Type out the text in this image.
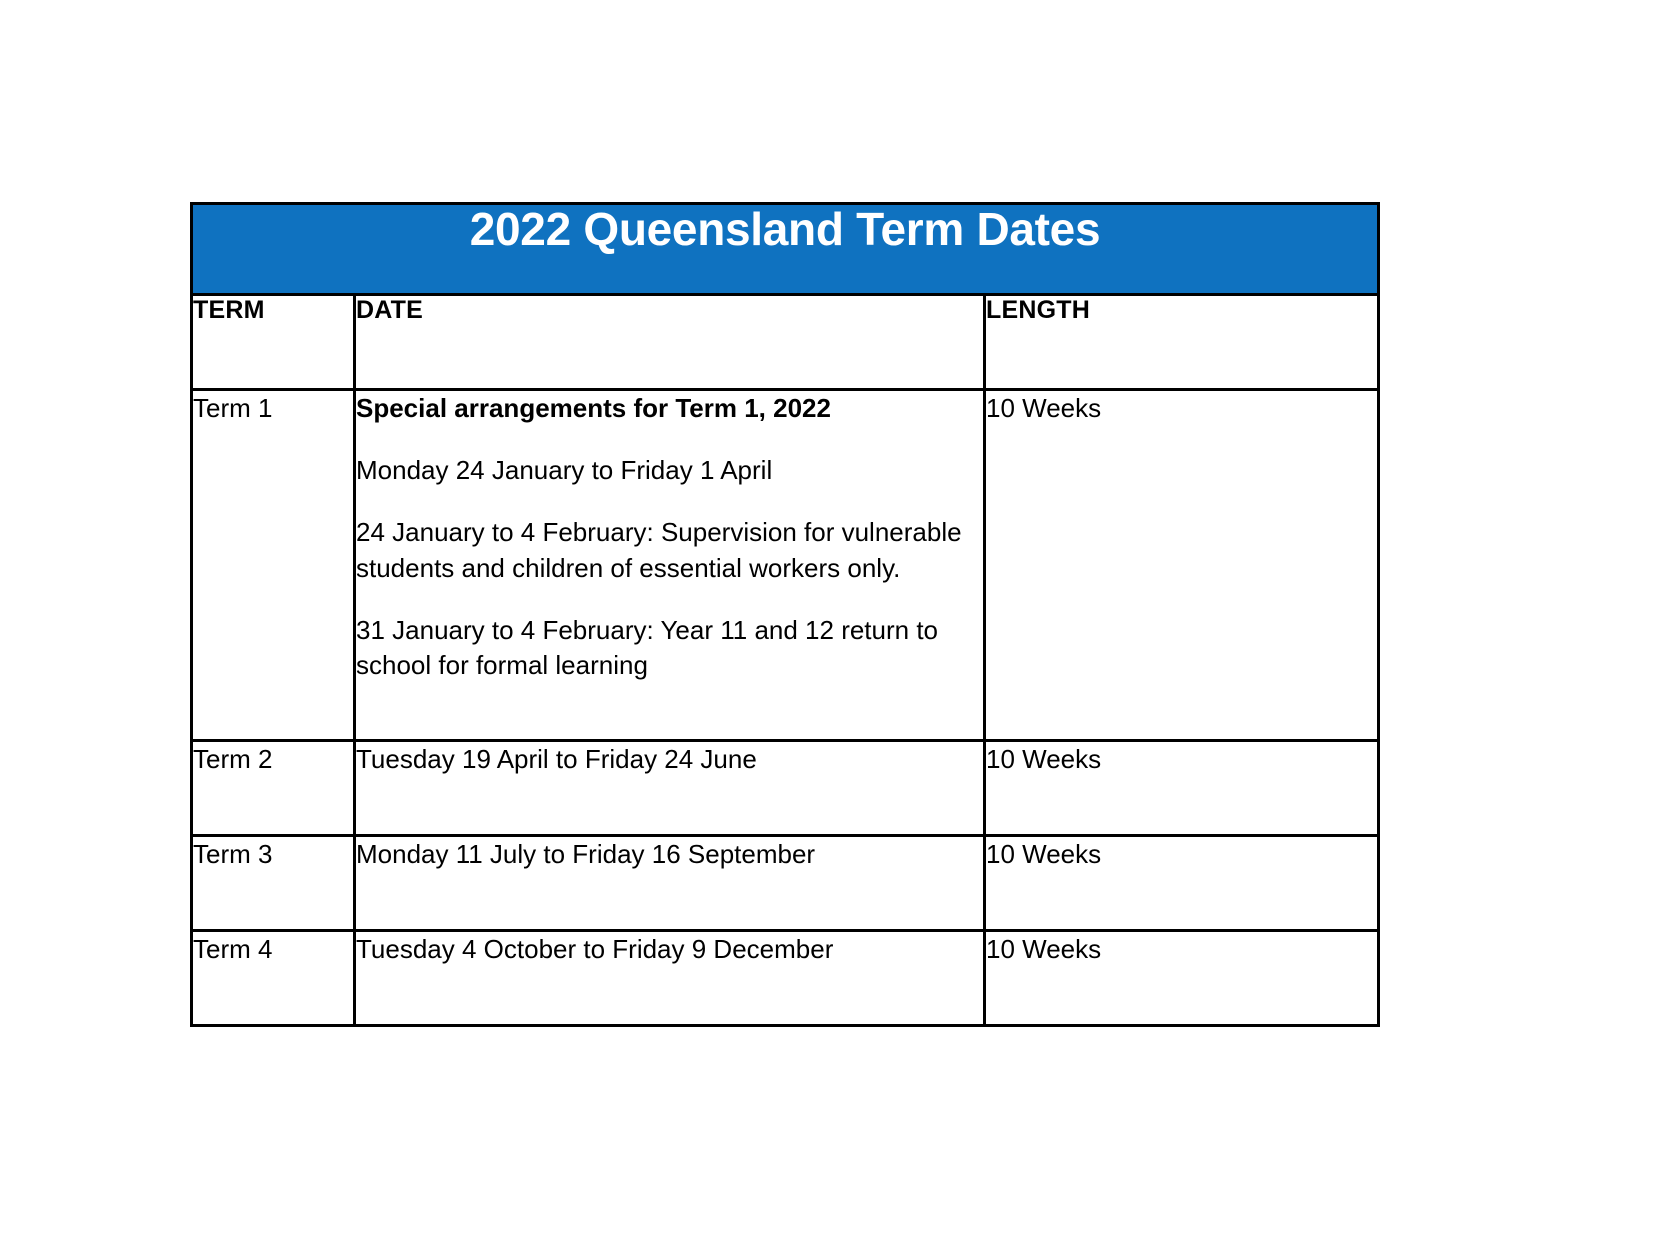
2022 Queensland Term Dates		

TERM	DATE	LENGTH

Term 1	Special arrangements for Term 1, 2022
Monday 24 January to Friday 1 April
24 January to 4 February: Supervision for vulnerable students and children of essential workers only.
31 January to 4 February: Year 11 and 12 return to school for formal learning	10 Weeks

Term 2	Tuesday 19 April to Friday 24 June	10 Weeks

Term 3	Monday 11 July to Friday 16 September	10 Weeks

Term 4	Tuesday 4 October to Friday 9 December	10 Weeks
